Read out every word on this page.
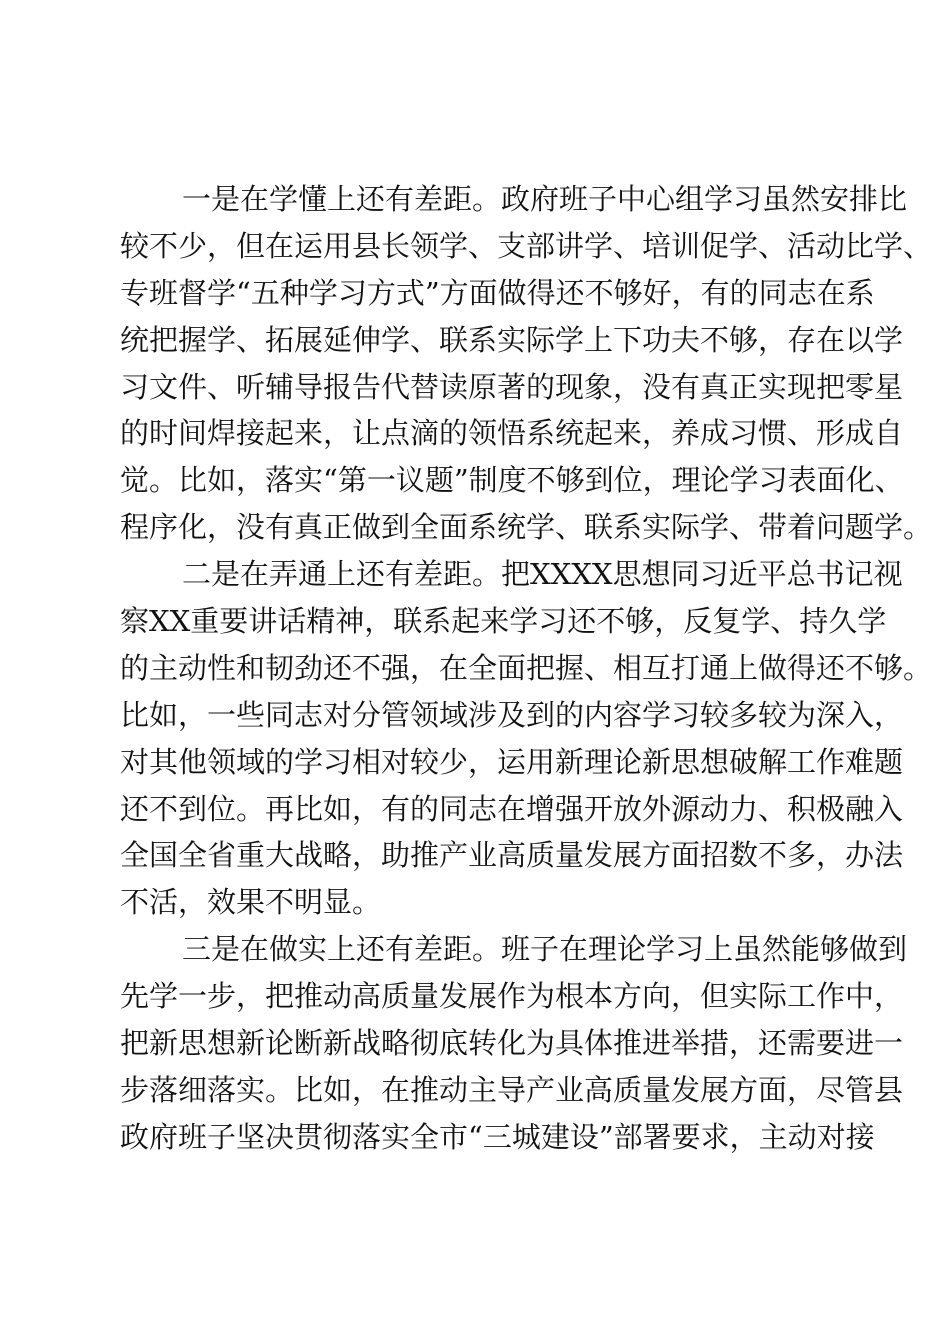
一是在学懂上还有差距。政府班子中心组学习虽然安排比
较不少，但在运用县长领学、支部讲学、培训促学、活动比学、
专班督学“五种学习方式”方面做得还不够好，有的同志在系
统把握学、拓展延伸学、联系实际学上下功夫不够，存在以学
习文件、听辅导报告代替读原著的现象，没有真正实现把零星
的时间焊接起来，让点滴的领悟系统起来，养成习惯、形成自
觉。比如，落实“第一议题”制度不够到位，理论学习表面化、
程序化，没有真正做到全面系统学、联系实际学、带着问题学。
二是在弄通上还有差距。把XXXX思想同习近平总书记视
察XX重要讲话精神，联系起来学习还不够，反复学、持久学
的主动性和韧劲还不强，在全面把握、相互打通上做得还不够。
比如，一些同志对分管领域涉及到的内容学习较多较为深入，
对其他领域的学习相对较少，运用新理论新思想破解工作难题
还不到位。再比如，有的同志在增强开放外源动力、积极融入
全国全省重大战略，助推产业高质量发展方面招数不多，办法
不活，效果不明显。
三是在做实上还有差距。班子在理论学习上虽然能够做到
先学一步，把推动高质量发展作为根本方向，但实际工作中，
把新思想新论断新战略彻底转化为具体推进举措，还需要进一
步落细落实。比如，在推动主导产业高质量发展方面，尽管县
政府班子坚决贯彻落实全市“三城建设”部署要求，主动对接
